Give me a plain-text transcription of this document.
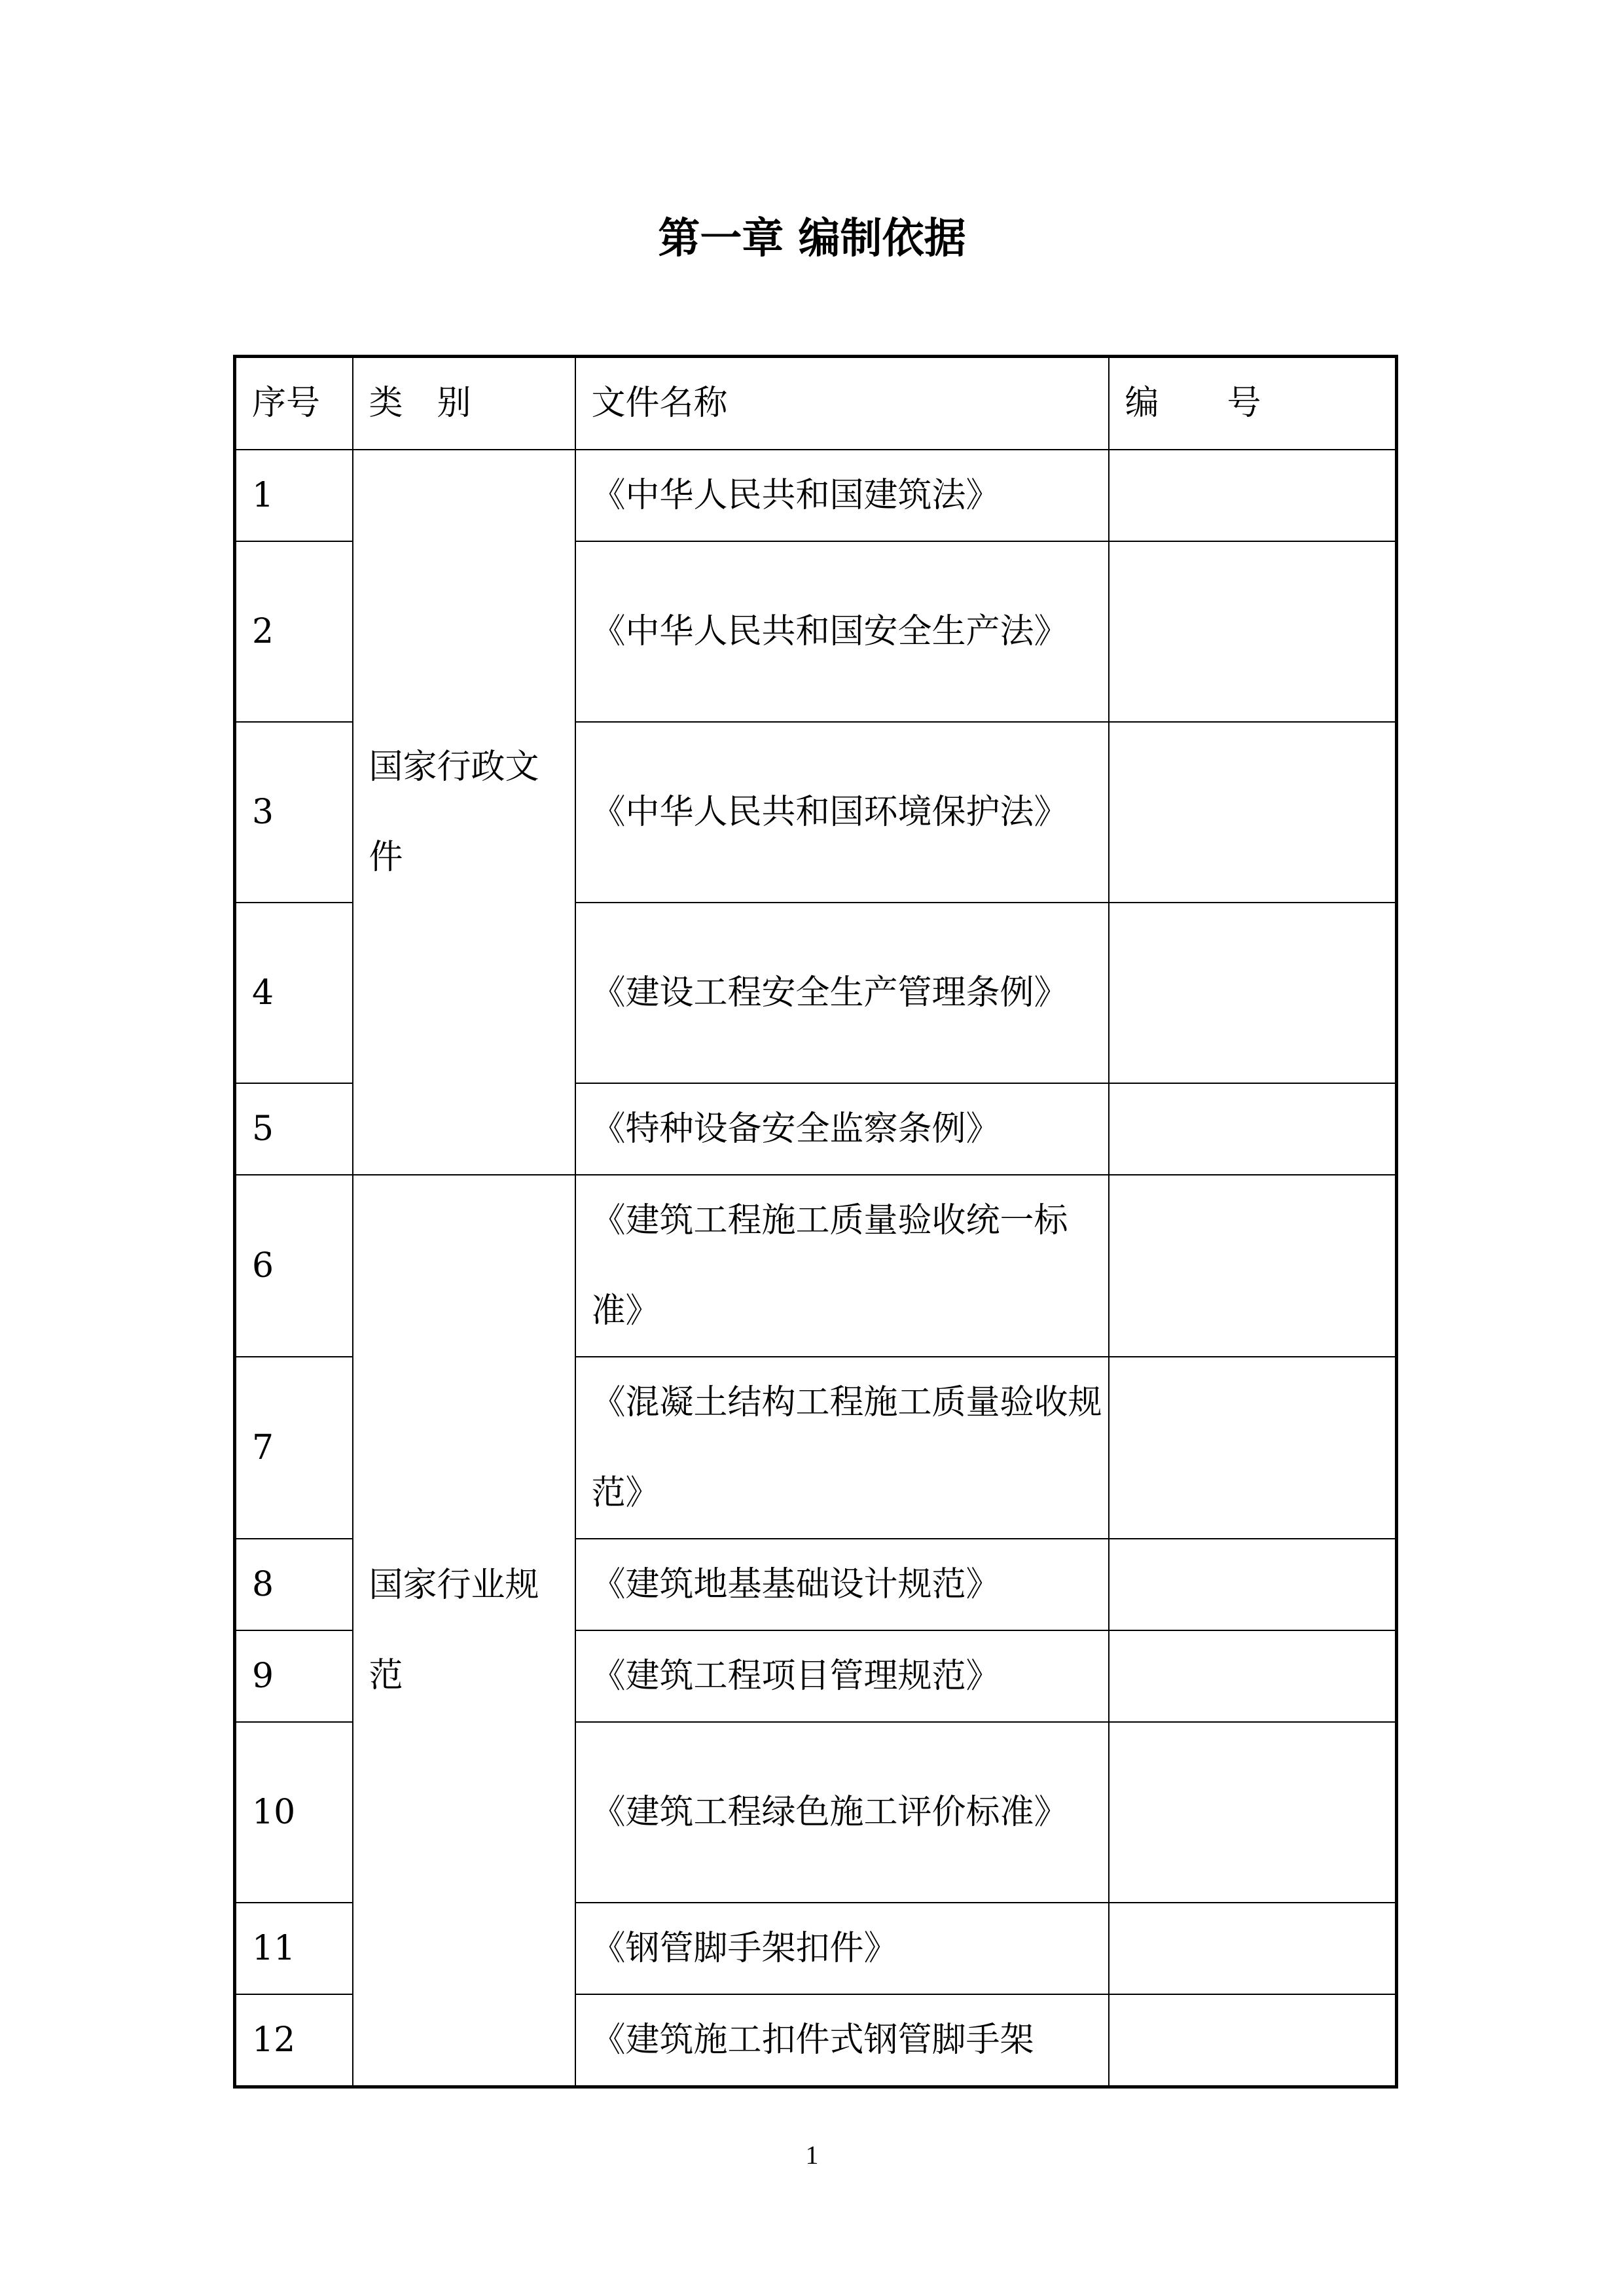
第一章 编制依据
序号	类　别	文件名称	编　　号
1	国家行政文件	《中华人民共和国建筑法》	
2		《中华人民共和国安全生产法》	
3		《中华人民共和国环境保护法》	
4		《建设工程安全生产管理条例》	
5		《特种设备安全监察条例》	
6	国家行业规范	《建筑工程施工质量验收统一标准》	
7		《混凝土结构工程施工质量验收规范》	
8		《建筑地基基础设计规范》	
9		《建筑工程项目管理规范》	
10		《建筑工程绿色施工评价标准》	
11		《钢管脚手架扣件》	
12		《建筑施工扣件式钢管脚手架	
1
